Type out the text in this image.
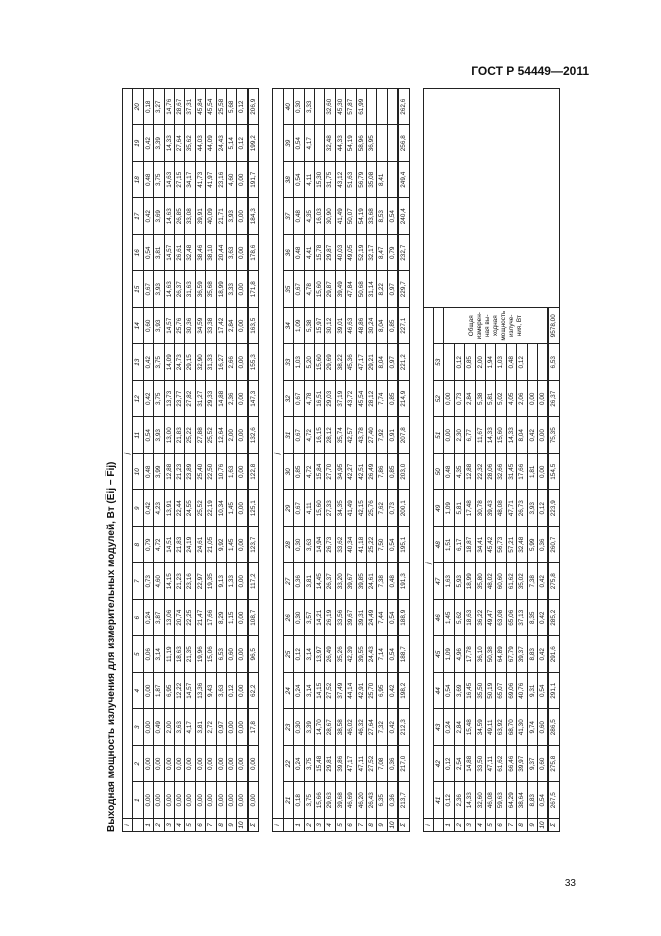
ГОСТ Р 54449—2011
33
Выходная мощность излучения для измерительных модулей, Вт (E̅ij − F̅ij)	i	j																			
	1	2	3	4	5	6	7	8	9	10	11	12	13	14	15	16	17	18	19	20
1	0,00	0,00	0,00	0,00	0,06	0,24	0,73	0,79	0,42	0,48	0,54	0,42	0,42	0,60	0,67	0,54	0,42	0,48	0,42	0,18
2	0,00	0,00	0,49	1,87	3,14	3,87	4,60	4,72	4,23	3,99	3,93	3,75	3,75	3,93	3,93	3,81	3,69	3,75	3,39	3,27
3	0,00	0,00	2,00	6,95	11,19	13,06	14,15	14,51	13,91	12,88	13,00	13,73	14,09	14,57	14,63	14,57	14,63	14,63	14,33	14,76
4	0,00	0,00	3,63	12,22	18,63	20,74	21,23	21,83	22,44	21,23	21,83	23,77	24,73	25,76	26,37	26,61	26,85	27,15	27,64	28,67
5	0,00	0,00	4,17	14,57	21,35	22,25	23,16	24,19	24,55	23,89	25,22	27,82	29,15	30,36	31,63	32,48	33,08	34,17	35,62	37,31
6	0,00	0,00	3,81	13,36	19,96	21,47	22,97	24,61	25,52	25,40	27,88	31,27	32,90	34,59	36,59	38,46	39,91	41,73	44,03	45,84
7	0,00	0,00	2,72	9,43	15,06	17,66	19,35	21,05	22,19	22,50	25,52	29,33	31,33	33,38	35,68	38,10	40,09	41,97	44,09	45,54
8	0,00	0,00	0,97	3,63	6,53	8,29	9,13	9,92	10,34	10,76	12,64	14,88	16,27	17,42	18,99	20,44	21,71	23,16	24,43	25,58
9	0,00	0,00	0,00	0,12	0,60	1,15	1,33	1,45	1,45	1,63	2,00	2,36	2,66	2,84	3,33	3,63	3,93	4,60	5,14	5,68
10	0,00	0,00	0,00	0,00	0,00	0,00	0,00	0,00	0,00	0,00	0,00	0,00	0,00	0,00	0,00	0,00	0,00	0,00	0,12	0,12
Σ	0,00	0,00	17,8	62,2	96,5	108,7	117,2	123,7	125,1	122,8	132,6	147,3	155,3	163,5	171,8	178,6	184,3	191,7	199,2	206,9

i	j																			
	21	22	23	24	25	26	27	28	29	30	31	32	33	34	35	36	37	38	39	40
1	0,18	0,24	0,30	0,24	0,12	0,30	0,36	0,30	0,67	0,85	0,67	0,67	1,03	1,09	0,67	0,48	0,48	0,54	0,54	0,30
2	3,75	3,75	3,39	3,14	3,14	3,57	3,81	3,63	4,11	4,72	4,72	4,78	5,20	5,38	4,78	4,41	4,35	4,11	4,17	3,33
3	15,66	15,48	14,70	14,15	13,97	14,21	14,45	14,94	15,60	15,84	16,15	16,51	15,60	15,97	15,60	15,78	16,03	15,30		
4	29,63	29,81	28,67	27,52	26,49	26,19	26,37	26,73	27,33	27,70	28,12	29,03	29,69	30,12	29,87	29,87	30,90	31,75	32,48	32,60
5	39,68	39,86	38,58	37,49	35,26	33,56	33,20	33,62	34,35	34,95	35,74	37,19	38,22	39,01	39,49	40,03	41,49	43,12	44,33	45,30
6	46,69	47,17	46,02	44,14	42,39	39,67	39,67	40,34	41,49	42,27	42,57	43,72	45,36	46,63	47,84	49,05	50,07	51,63	54,19	57,87
7	46,20	47,11	46,32	42,91	39,55	39,31	39,85	41,18	42,15	42,51	43,78	45,54	47,17	48,86	50,68	52,19	54,19	56,79	58,96	61,99
8	26,43	27,52	27,64	25,70	24,43	24,49	24,61	25,22	25,76	26,49	27,40	28,12	29,21	30,24	31,14	32,17	33,68	35,08	36,95	
9	6,35	7,08	7,32	6,95	7,14	7,44	7,38	7,50	7,62	7,86	7,92	7,74	8,04	8,04	8,22	8,47	8,53	8,41		
10	0,36	0,36	0,42	0,42	0,54	0,54	0,48	0,54	0,73	0,85	0,91	0,85	0,97	0,85	0,97	0,79	0,54			
Σ	213,7	217,0	212,3	198,2	188,7	188,9	191,3	195,1	200,1	203,0	207,8	214,9	221,2	227,1	229,7	232,7	240,4	249,4	256,8	262,6

i	j																			
	41	42	43	44	45	46	47	48	49	50	51	52	53							
1	0,12	0,12	0,24	0,54	1,09	1,45	1,63	1,51	1,09	0,48	0,00	0,00		Общая измерен-ная вы-ходная мощность излуче-ния, Вт						
2	2,36	2,54	2,84	3,69	4,96	5,62	5,93	6,17	5,81	4,35	2,30	0,73	0,12							
3	14,33	14,88	15,48	16,45	17,78	18,63	18,99	18,87	17,48	12,88	6,77	2,84	0,85							
4	32,60	33,50	34,59	35,50	36,10	36,22	35,80	34,41	30,78	22,32	11,67	5,38	2,00							
5	46,08	47,11	49,11	50,19	50,38	49,47	48,02	45,42	39,43	28,06	14,33	5,81	1,94							
6	59,63	61,62	63,92	65,07	64,89	63,08	60,60	56,73	48,08	32,66	15,60	5,02	1,03							
7	64,29	66,46	68,70	69,06	67,79	65,06	61,62	57,21	47,71	31,45	14,33	4,05	0,48							
8	38,64	39,97	41,30	40,76	39,37	37,13	35,02	32,48	26,73	17,66	8,04	2,06	0,12							
9	8,83	9,37	9,74	9,31	8,83	8,35	7,38	5,99	3,93	1,81	0,42	0,00								
10	0,54	0,60	0,60	0,54	0,42	0,42	0,42	0,36	0,12	0,00	0,00	0,00								
Σ	267,5	275,8	286,5	291,1	291,6	285,2	275,8	260,7	223,9	154,5	75,35	26,37	6,53	9578,00						
